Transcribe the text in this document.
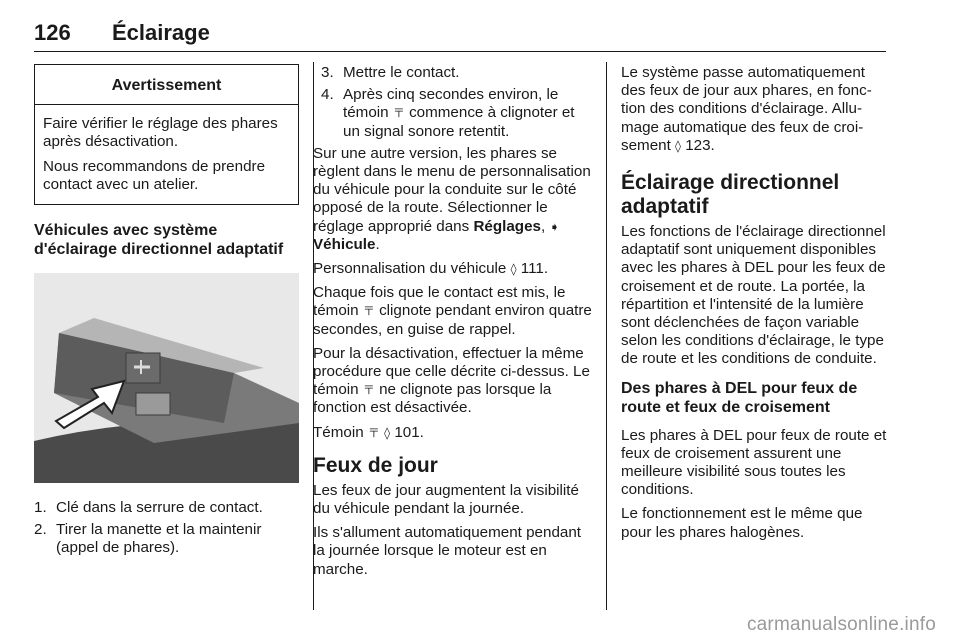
126 Éclairage
Avertissement

Faire vérifier le réglage des phares après désactivation.

Nous recommandons de prendre contact avec un atelier.

Véhicules avec système d'éclairage directionnel adaptatif
1. Clé dans la serrure de contact.
2. Tirer la manette et la maintenir (appel de phares).
3. Mettre le contact.
4. Après cinq secondes environ, le témoin 〒 commence à clignoter et un signal sonore retentit.

Sur une autre version, les phares se règlent dans le menu de personnalisation du véhicule pour la conduite sur le côté opposé de la route. Sélectionner le réglage approprié dans Réglages, ➧ Véhicule.

Personnalisation du véhicule ◊ 111.

Chaque fois que le contact est mis, le témoin 〒 clignote pendant environ quatre secondes, en guise de rappel.

Pour la désactivation, effectuer la même procédure que celle décrite ci-dessus. Le témoin 〒 ne clignote pas lorsque la fonction est désactivée.

Témoin 〒 ◊ 101.

Feux de jour

Les feux de jour augmentent la visibilité du véhicule pendant la journée.

Ils s'allument automatiquement pendant la journée lorsque le moteur est en marche.

Le système passe automatiquement des feux de jour aux phares, en fonction des conditions d'éclairage. Allumage automatique des feux de croisement ◊ 123.

Éclairage directionnel adaptatif

Les fonctions de l'éclairage directionnel adaptatif sont uniquement disponibles avec les phares à DEL pour les feux de croisement et de route. La portée, la répartition et l'intensité de la lumière sont déclenchées de façon variable selon les conditions d'éclairage, le type de route et les conditions de conduite.

Des phares à DEL pour feux de route et feux de croisement

Les phares à DEL pour feux de route et feux de croisement assurent une meilleure visibilité sous toutes les conditions.

Le fonctionnement est le même que pour les phares halogènes.

carmanualsonline.info
